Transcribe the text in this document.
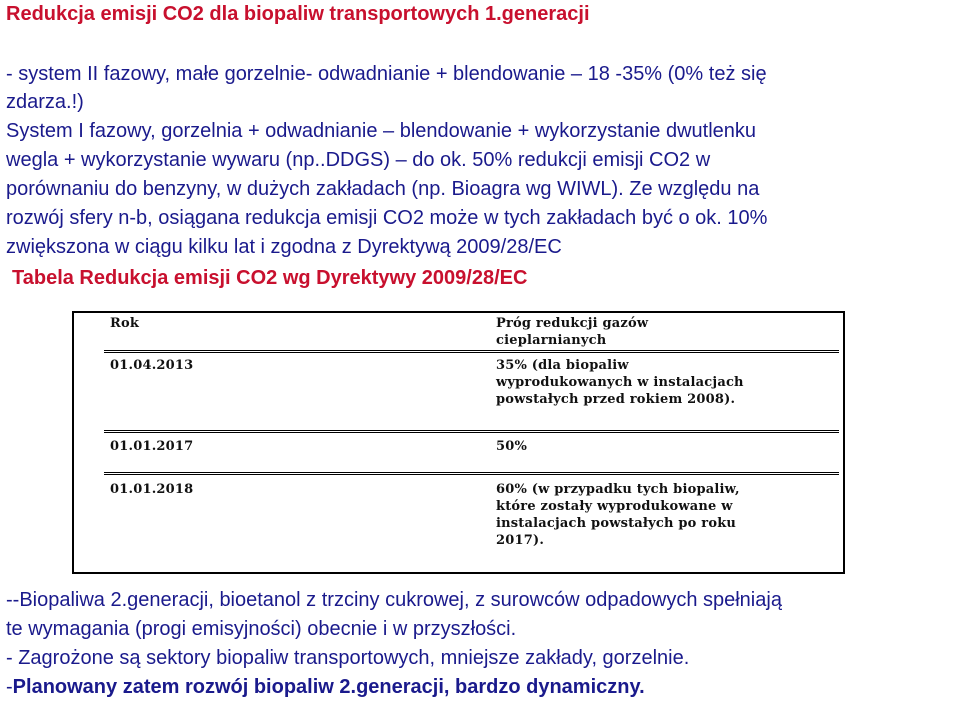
Redukcja emisji CO2 dla biopaliw transportowych 1.generacji
- system II fazowy, małe gorzelnie- odwadnianie + blendowanie – 18 -35% (0% też się
zdarza.!)
System I fazowy, gorzelnia + odwadnianie – blendowanie + wykorzystanie dwutlenku
wegla + wykorzystanie wywaru (np..DDGS) – do ok. 50% redukcji emisji CO2 w
porównaniu do benzyny, w dużych zakładach (np. Bioagra wg WIWL). Ze względu na
rozwój sfery n-b, osiągana redukcja emisji CO2 może w tych zakładach być o ok. 10%
zwiększona w ciągu kilku lat i zgodna z Dyrektywą 2009/28/EC
Tabela Redukcja emisji CO2 wg Dyrektywy 2009/28/EC
Rok	Próg redukcji gazów
cieplarnianych
01.04.2013	35% (dla biopaliw
wyprodukowanych w instalacjach
powstałych przed rokiem 2008).
01.01.2017	50%
01.01.2018	60% (w przypadku tych biopaliw,
które zostały wyprodukowane w
instalacjach powstałych po roku
2017).
--Biopaliwa 2.generacji, bioetanol z trzciny cukrowej, z surowców odpadowych spełniają
te wymagania (progi emisyjności) obecnie i w przyszłości.
- Zagrożone są sektory biopaliw transportowych, mniejsze zakłady, gorzelnie.
-Planowany zatem rozwój biopaliw 2.generacji, bardzo dynamiczny.
